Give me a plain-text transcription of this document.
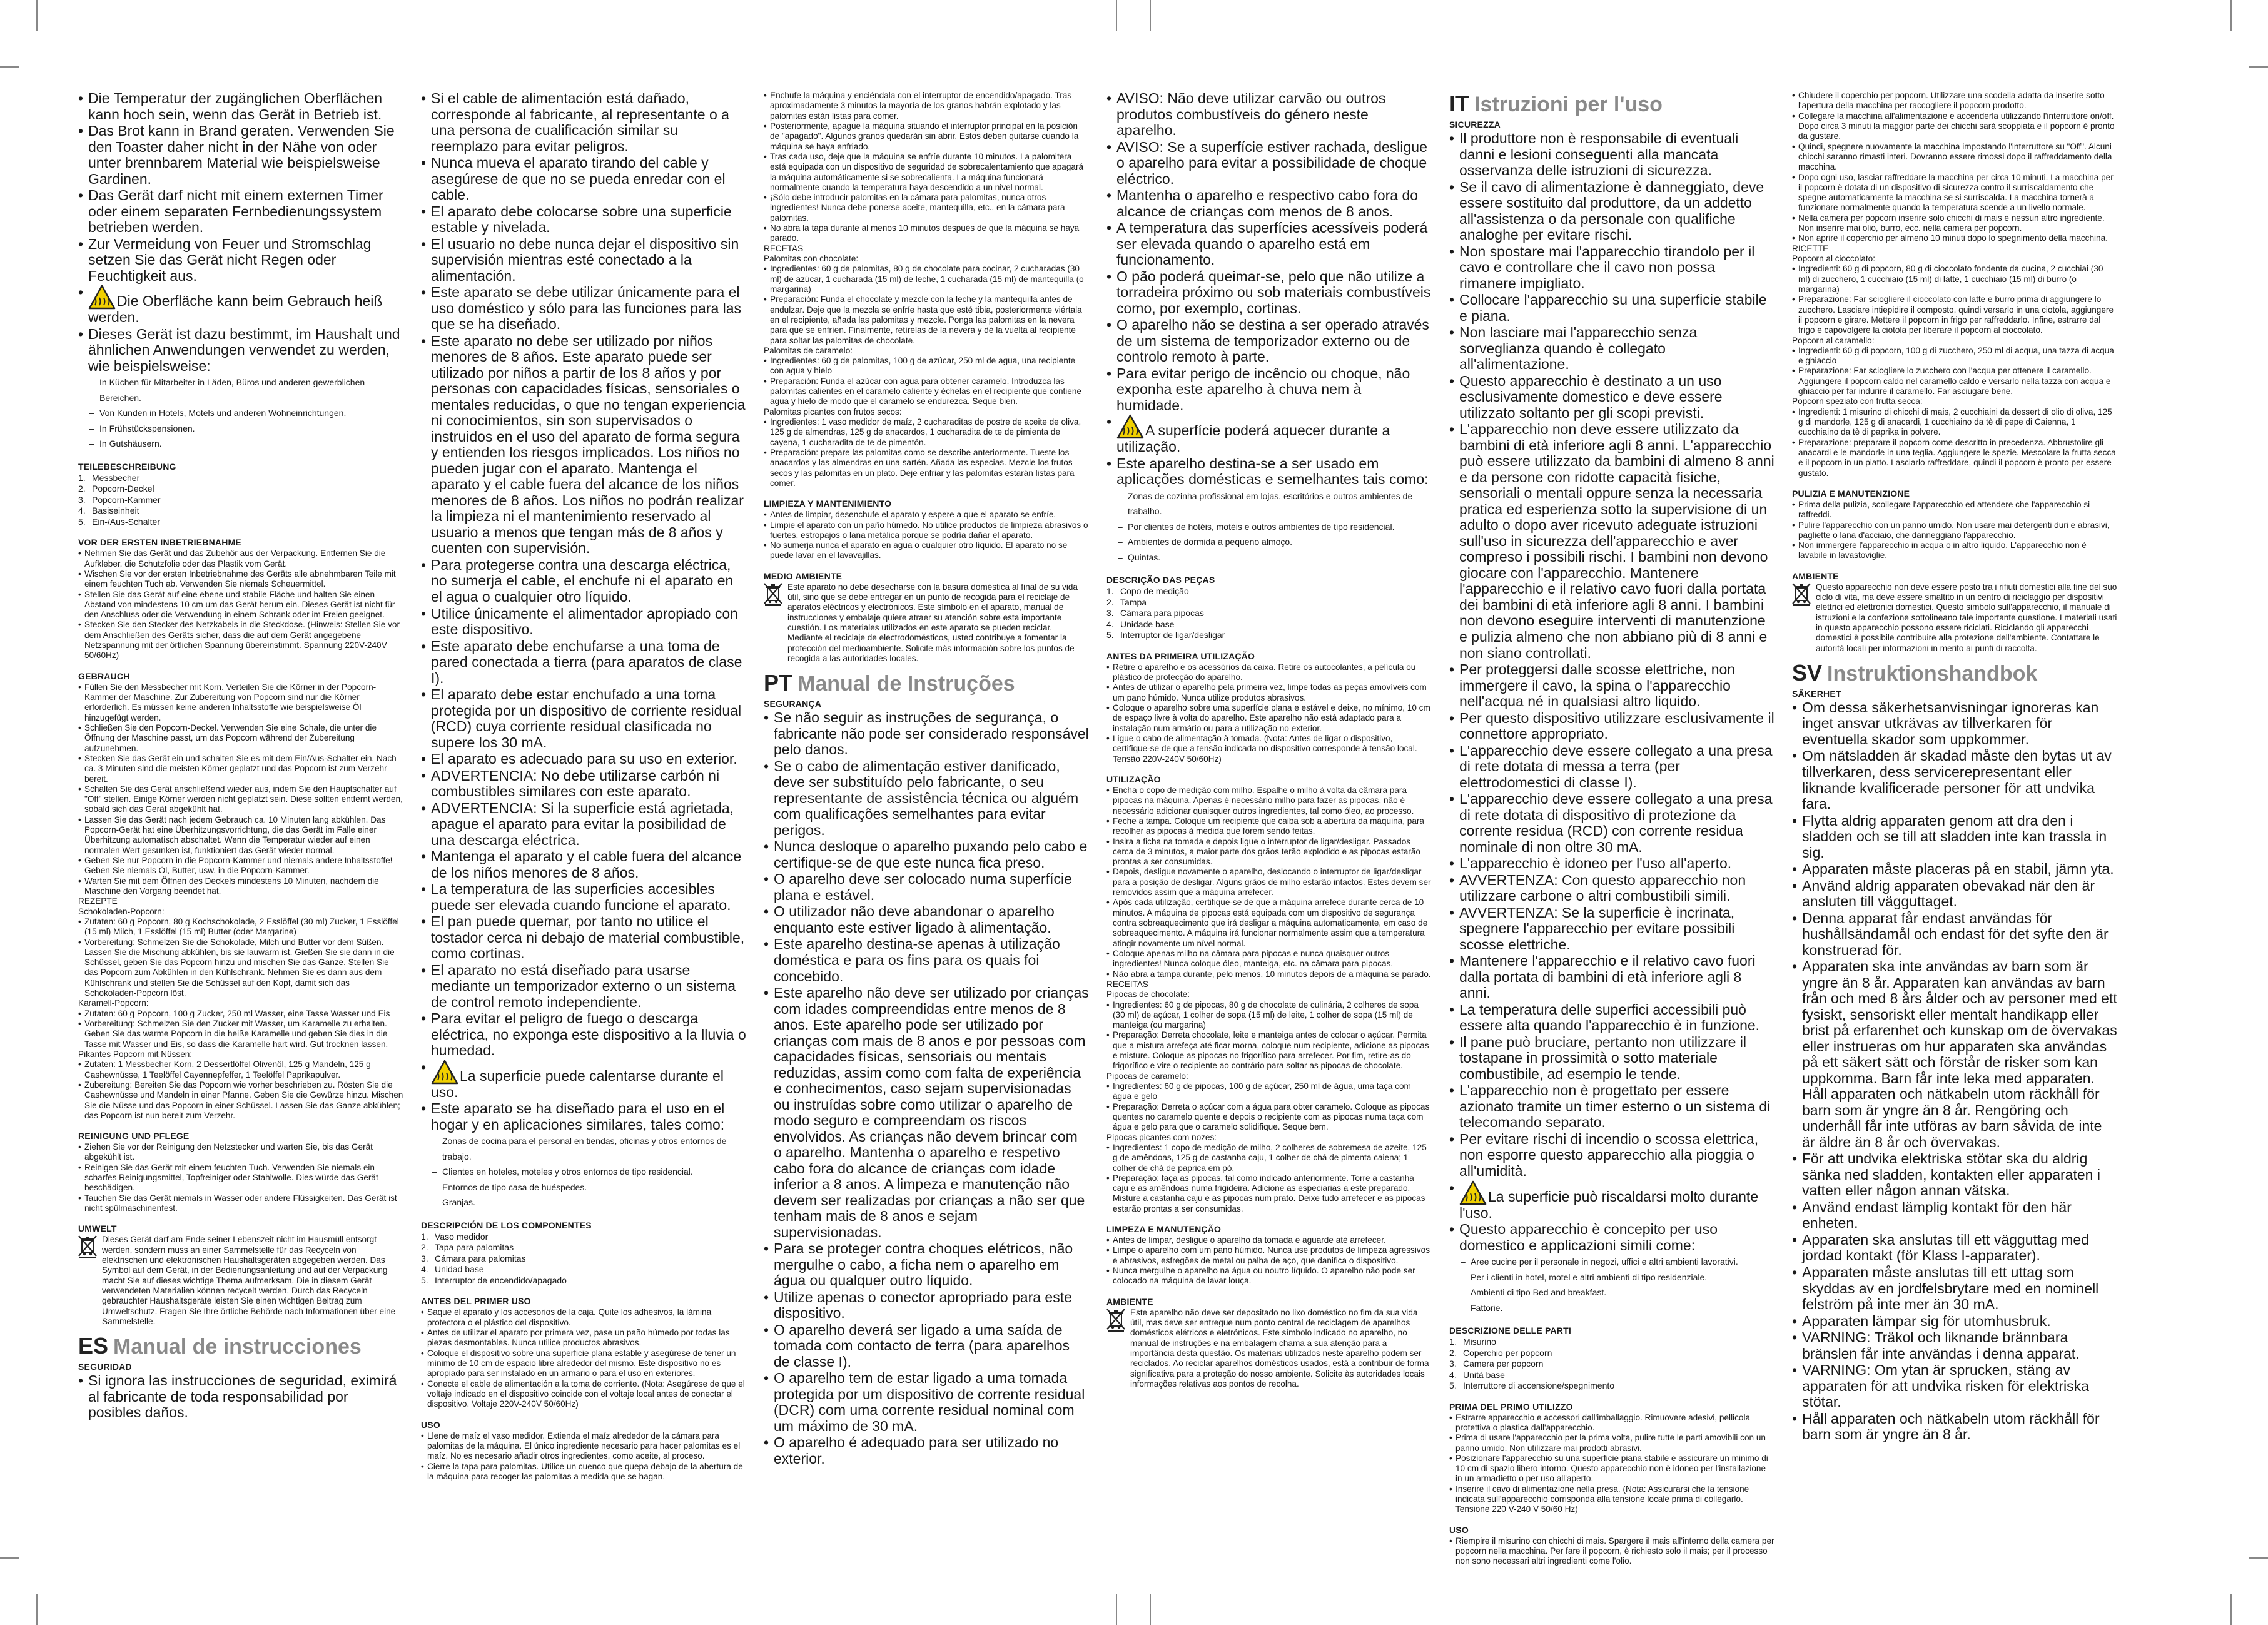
• Die Temperatur der zugänglichen Oberflächen kann hoch sein, wenn das Gerät in Betrieb ist.
• Das Brot kann in Brand geraten. Verwenden Sie den Toaster daher nicht in der Nähe von oder unter brennbarem Material wie beispielsweise Gardinen.
• Das Gerät darf nicht mit einem externen Timer oder einem separaten Fernbedienungssystem betrieben werden.
• Zur Vermeidung von Feuer und Stromschlag setzen Sie das Gerät nicht Regen oder Feuchtigkeit aus.
• Die Oberfläche kann beim Gebrauch heiß werden.
• Dieses Gerät ist dazu bestimmt, im Haushalt und ähnlichen Anwendungen verwendet zu werden, wie beispielsweise:
– In Küchen für Mitarbeiter in Läden, Büros und anderen gewerblichen Bereichen.
– Von Kunden in Hotels, Motels und anderen Wohneinrichtungen.
– In Frühstückspensionen.
– In Gutshäusern.
TEILEBESCHREIBUNG
1. Messbecher
2. Popcorn-Deckel
3. Popcorn-Kammer
4. Basiseinheit
5. Ein-/Aus-Schalter
VOR DER ERSTEN INBETRIEBNAHME
• Nehmen Sie das Gerät und das Zubehör aus der Verpackung. Entfernen Sie die Aufkleber, die Schutzfolie oder das Plastik vom Gerät.
• Wischen Sie vor der ersten Inbetriebnahme des Geräts alle abnehmbaren Teile mit einem feuchten Tuch ab. Verwenden Sie niemals Scheuermittel.
• Stellen Sie das Gerät auf eine ebene und stabile Fläche und halten Sie einen Abstand von mindestens 10 cm um das Gerät herum ein. Dieses Gerät ist nicht für den Anschluss oder die Verwendung in einem Schrank oder im Freien geeignet.
• Stecken Sie den Stecker des Netzkabels in die Steckdose. (Hinweis: Stellen Sie vor dem Anschließen des Geräts sicher, dass die auf dem Gerät angegebene Netzspannung mit der örtlichen Spannung übereinstimmt. Spannung 220V-240V 50/60Hz)
GEBRAUCH
• Füllen Sie den Messbecher mit Korn. Verteilen Sie die Körner in der Popcorn-Kammer der Maschine. Zur Zubereitung von Popcorn sind nur die Körner erforderlich. Es müssen keine anderen Inhaltsstoffe wie beispielsweise Öl hinzugefügt werden.
• Schließen Sie den Popcorn-Deckel. Verwenden Sie eine Schale, die unter die Öffnung der Maschine passt, um das Popcorn während der Zubereitung aufzunehmen.
• Stecken Sie das Gerät ein und schalten Sie es mit dem Ein/Aus-Schalter ein. Nach ca. 3 Minuten sind die meisten Körner geplatzt und das Popcorn ist zum Verzehr bereit.
• Schalten Sie das Gerät anschließend wieder aus, indem Sie den Hauptschalter auf "Off" stellen. Einige Körner werden nicht geplatzt sein. Diese sollten entfernt werden, sobald sich das Gerät abgekühlt hat.
• Lassen Sie das Gerät nach jedem Gebrauch ca. 10 Minuten lang abkühlen. Das Popcorn-Gerät hat eine Überhitzungsvorrichtung, die das Gerät im Falle einer Überhitzung automatisch abschaltet. Wenn die Temperatur wieder auf einen normalen Wert gesunken ist, funktioniert das Gerät wieder normal.
• Geben Sie nur Popcorn in die Popcorn-Kammer und niemals andere Inhaltsstoffe! Geben Sie niemals Öl, Butter, usw. in die Popcorn-Kammer.
• Warten Sie mit dem Öffnen des Deckels mindestens 10 Minuten, nachdem die Maschine den Vorgang beendet hat.
REZEPTE
Schokoladen-Popcorn:
• Zutaten: 60 g Popcorn, 80 g Kochschokolade, 2 Esslöffel (30 ml) Zucker, 1 Esslöffel (15 ml) Milch, 1 Esslöffel (15 ml) Butter (oder Margarine)
• Vorbereitung: Schmelzen Sie die Schokolade, Milch und Butter vor dem Süßen. Lassen Sie die Mischung abkühlen, bis sie lauwarm ist. Gießen Sie sie dann in die Schüssel, geben Sie das Popcorn hinzu und mischen Sie das Ganze. Stellen Sie das Popcorn zum Abkühlen in den Kühlschrank. Nehmen Sie es dann aus dem Kühlschrank und stellen Sie die Schüssel auf den Kopf, damit sich das Schokoladen-Popcorn löst.
Karamell-Popcorn:
• Zutaten: 60 g Popcorn, 100 g Zucker, 250 ml Wasser, eine Tasse Wasser und Eis
• Vorbereitung: Schmelzen Sie den Zucker mit Wasser, um Karamelle zu erhalten. Geben Sie das warme Popcorn in die heiße Karamelle und geben Sie dies in die Tasse mit Wasser und Eis, so dass die Karamelle hart wird. Gut trocknen lassen.
Pikantes Popcorn mit Nüssen:
• Zutaten: 1 Messbecher Korn, 2 Dessertlöffel Olivenöl, 125 g Mandeln, 125 g Cashewnüsse, 1 Teelöffel Cayennepfeffer, 1 Teelöffel Paprikapulver.
• Zubereitung: Bereiten Sie das Popcorn wie vorher beschrieben zu. Rösten Sie die Cashewnüsse und Mandeln in einer Pfanne. Geben Sie die Gewürze hinzu. Mischen Sie die Nüsse und das Popcorn in einer Schüssel. Lassen Sie das Ganze abkühlen; das Popcorn ist nun bereit zum Verzehr.
REINIGUNG UND PFLEGE
• Ziehen Sie vor der Reinigung den Netzstecker und warten Sie, bis das Gerät abgekühlt ist.
• Reinigen Sie das Gerät mit einem feuchten Tuch. Verwenden Sie niemals ein scharfes Reinigungsmittel, Topfreiniger oder Stahlwolle. Dies würde das Gerät beschädigen.
• Tauchen Sie das Gerät niemals in Wasser oder andere Flüssigkeiten. Das Gerät ist nicht spülmaschinenfest.
UMWELT

Dieses Gerät darf am Ende seiner Lebenszeit nicht im Hausmüll entsorgt werden, sondern muss an einer Sammelstelle für das Recyceln von elektrischen und elektronischen Haushaltsgeräten abgegeben werden. Das Symbol auf dem Gerät, in der Bedienungsanleitung und auf der Verpackung macht Sie auf dieses wichtige Thema aufmerksam. Die in diesem Gerät verwendeten Materialien können recycelt werden. Durch das Recyceln gebrauchter Haushaltsgeräte leisten Sie einen wichtigen Beitrag zum Umweltschutz. Fragen Sie Ihre örtliche Behörde nach Informationen über eine Sammelstelle.

ES Manual de instrucciones
SEGURIDAD
• Si ignora las instrucciones de seguridad, eximirá al fabricante de toda responsabilidad por posibles daños.
• Si el cable de alimentación está dañado, corresponde al fabricante, al representante o a una persona de cualificación similar su reemplazo para evitar peligros.
• Nunca mueva el aparato tirando del cable y asegúrese de que no se pueda enredar con el cable.
• El aparato debe colocarse sobre una superficie estable y nivelada.
• El usuario no debe nunca dejar el dispositivo sin supervisión mientras esté conectado a la alimentación.
• Este aparato se debe utilizar únicamente para el uso doméstico y sólo para las funciones para las que se ha diseñado.
• Este aparato no debe ser utilizado por niños menores de 8 años. Este aparato puede ser utilizado por niños a partir de los 8 años y por personas con capacidades físicas, sensoriales o mentales reducidas, o que no tengan experiencia ni conocimientos, sin son supervisados o instruidos en el uso del aparato de forma segura y entienden los riesgos implicados. Los niños no pueden jugar con el aparato. Mantenga el aparato y el cable fuera del alcance de los niños menores de 8 años. Los niños no podrán realizar la limpieza ni el mantenimiento reservado al usuario a menos que tengan más de 8 años y cuenten con supervisión.
• Para protegerse contra una descarga eléctrica, no sumerja el cable, el enchufe ni el aparato en el agua o cualquier otro líquido.
• Utilice únicamente el alimentador apropiado con este dispositivo.
• Este aparato debe enchufarse a una toma de pared conectada a tierra (para aparatos de clase I).
• El aparato debe estar enchufado a una toma protegida por un dispositivo de corriente residual (RCD) cuya corriente residual clasificada no supere los 30 mA.
• El aparato es adecuado para su uso en exterior.
• ADVERTENCIA: No debe utilizarse carbón ni combustibles similares con este aparato.
• ADVERTENCIA: Si la superficie está agrietada, apague el aparato para evitar la posibilidad de una descarga eléctrica.
• Mantenga el aparato y el cable fuera del alcance de los niños menores de 8 años.
• La temperatura de las superficies accesibles puede ser elevada cuando funcione el aparato.
• El pan puede quemar, por tanto no utilice el tostador cerca ni debajo de material combustible, como cortinas.
• El aparato no está diseñado para usarse mediante un temporizador externo o un sistema de control remoto independiente.
• Para evitar el peligro de fuego o descarga eléctrica, no exponga este dispositivo a la lluvia o humedad.
• La superficie puede calentarse durante el uso.
• Este aparato se ha diseñado para el uso en el hogar y en aplicaciones similares, tales como:
– Zonas de cocina para el personal en tiendas, oficinas y otros entornos de trabajo.
– Clientes en hoteles, moteles y otros entornos de tipo residencial.
– Entornos de tipo casa de huéspedes.
– Granjas.
DESCRIPCIÓN DE LOS COMPONENTES
1. Vaso medidor
2. Tapa para palomitas
3. Cámara para palomitas
4. Unidad base
5. Interruptor de encendido/apagado
ANTES DEL PRIMER USO
• Saque el aparato y los accesorios de la caja. Quite los adhesivos, la lámina protectora o el plástico del dispositivo.
• Antes de utilizar el aparato por primera vez, pase un paño húmedo por todas las piezas desmontables. Nunca utilice productos abrasivos.
• Coloque el dispositivo sobre una superficie plana estable y asegúrese de tener un mínimo de 10 cm de espacio libre alrededor del mismo. Este dispositivo no es apropiado para ser instalado en un armario o para el uso en exteriores.
• Conecte el cable de alimentación a la toma de corriente. (Nota: Asegúrese de que el voltaje indicado en el dispositivo coincide con el voltaje local antes de conectar el dispositivo. Voltaje 220V-240V 50/60Hz)
USO
• Llene de maíz el vaso medidor. Extienda el maíz alrededor de la cámara para palomitas de la máquina. El único ingrediente necesario para hacer palomitas es el maíz. No es necesario añadir otros ingredientes, como aceite, al proceso.
• Cierre la tapa para palomitas. Utilice un cuenco que quepa debajo de la abertura de la máquina para recoger las palomitas a medida que se hagan.
• Enchufe la máquina y enciéndala con el interruptor de encendido/apagado. Tras aproximadamente 3 minutos la mayoría de los granos habrán explotado y las palomitas están listas para comer.
• Posteriormente, apague la máquina situando el interruptor principal en la posición de "apagado". Algunos granos quedarán sin abrir. Estos deben quitarse cuando la máquina se haya enfriado.
• Tras cada uso, deje que la máquina se enfríe durante 10 minutos. La palomitera está equipada con un dispositivo de seguridad de sobrecalentamiento que apagará la máquina automáticamente si se sobrecalienta. La máquina funcionará normalmente cuando la temperatura haya descendido a un nivel normal.
• ¡Sólo debe introducir palomitas en la cámara para palomitas, nunca otros ingredientes! Nunca debe ponerse aceite, mantequilla, etc.. en la cámara para palomitas.
• No abra la tapa durante al menos 10 minutos después de que la máquina se haya parado.
RECETAS
Palomitas con chocolate:
• Ingredientes: 60 g de palomitas, 80 g de chocolate para cocinar, 2 cucharadas (30 ml) de azúcar, 1 cucharada (15 ml) de leche, 1 cucharada (15 ml) de mantequilla (o margarina)
• Preparación: Funda el chocolate y mezcle con la leche y la mantequilla antes de endulzar. Deje que la mezcla se enfríe hasta que esté tibia, posteriormente viértala en el recipiente, añada las palomitas y mezcle. Ponga las palomitas en la nevera para que se enfríen. Finalmente, retírelas de la nevera y dé la vuelta al recipiente para soltar las palomitas de chocolate.
Palomitas de caramelo:
• Ingredientes: 60 g de palomitas, 100 g de azúcar, 250 ml de agua, una recipiente con agua y hielo
• Preparación: Funda el azúcar con agua para obtener caramelo. Introduzca las palomitas calientes en el caramelo caliente y échelas en el recipiente que contiene agua y hielo de modo que el caramelo se endurezca. Seque bien.
Palomitas picantes con frutos secos:
• Ingredientes: 1 vaso medidor de maíz, 2 cucharaditas de postre de aceite de oliva, 125 g de almendras, 125 g de anacardos, 1 cucharadita de te de pimienta de cayena, 1 cucharadita de te de pimentón.
• Preparación: prepare las palomitas como se describe anteriormente. Tueste los anacardos y las almendras en una sartén. Añada las especias. Mezcle los frutos secos y las palomitas en un plato. Deje enfriar y las palomitas estarán listas para comer.
LIMPIEZA Y MANTENIMIENTO
• Antes de limpiar, desenchufe el aparato y espere a que el aparato se enfríe.
• Limpie el aparato con un paño húmedo. No utilice productos de limpieza abrasivos o fuertes, estropajos o lana metálica porque se podría dañar el aparato.
• No sumerja nunca el aparato en agua o cualquier otro líquido. El aparato no se puede lavar en el lavavajillas.
MEDIO AMBIENTE

Este aparato no debe desecharse con la basura doméstica al final de su vida útil, sino que se debe entregar en un punto de recogida para el reciclaje de aparatos eléctricos y electrónicos. Este símbolo en el aparato, manual de instrucciones y embalaje quiere atraer su atención sobre esta importante cuestión. Los materiales utilizados en este aparato se pueden reciclar. Mediante el reciclaje de electrodomésticos, usted contribuye a fomentar la protección del medioambiente. Solicite más información sobre los puntos de recogida a las autoridades locales.

PT Manual de Instruções
SEGURANÇA
• Se não seguir as instruções de segurança, o fabricante não pode ser considerado responsável pelo danos.
• Se o cabo de alimentação estiver danificado, deve ser substituído pelo fabricante, o seu representante de assistência técnica ou alguém com qualificações semelhantes para evitar perigos.
• Nunca desloque o aparelho puxando pelo cabo e certifique-se de que este nunca fica preso.
• O aparelho deve ser colocado numa superfície plana e estável.
• O utilizador não deve abandonar o aparelho enquanto este estiver ligado à alimentação.
• Este aparelho destina-se apenas à utilização doméstica e para os fins para os quais foi concebido.
• Este aparelho não deve ser utilizado por crianças com idades compreendidas entre menos de 8 anos. Este aparelho pode ser utilizado por crianças com mais de 8 anos e por pessoas com capacidades físicas, sensoriais ou mentais reduzidas, assim como com falta de experiência e conhecimentos, caso sejam supervisionadas ou instruídas sobre como utilizar o aparelho de modo seguro e compreendam os riscos envolvidos. As crianças não devem brincar com o aparelho. Mantenha o aparelho e respetivo cabo fora do alcance de crianças com idade inferior a 8 anos. A limpeza e manutenção não devem ser realizadas por crianças a não ser que tenham mais de 8 anos e sejam supervisionadas.
• Para se proteger contra choques elétricos, não mergulhe o cabo, a ficha nem o aparelho em água ou qualquer outro líquido.
• Utilize apenas o conector apropriado para este dispositivo.
• O aparelho deverá ser ligado a uma saída de tomada com contacto de terra (para aparelhos de classe I).
• O aparelho tem de estar ligado a uma tomada protegida por um dispositivo de corrente residual (DCR) com uma corrente residual nominal com um máximo de 30 mA.
• O aparelho é adequado para ser utilizado no exterior.
• AVISO: Não deve utilizar carvão ou outros produtos combustíveis do género neste aparelho.
• AVISO: Se a superfície estiver rachada, desligue o aparelho para evitar a possibilidade de choque eléctrico.
• Mantenha o aparelho e respectivo cabo fora do alcance de crianças com menos de 8 anos.
• A temperatura das superfícies acessíveis poderá ser elevada quando o aparelho está em funcionamento.
• O pão poderá queimar-se, pelo que não utilize a torradeira próximo ou sob materiais combustíveis como, por exemplo, cortinas.
• O aparelho não se destina a ser operado através de um sistema de temporizador externo ou de controlo remoto à parte.
• Para evitar perigo de incêncio ou choque, não exponha este aparelho à chuva nem à humidade.
• A superfície poderá aquecer durante a utilização.
• Este aparelho destina-se a ser usado em aplicações domésticas e semelhantes tais como:
– Zonas de cozinha profissional em lojas, escritórios e outros ambientes de trabalho.
– Por clientes de hotéis, motéis e outros ambientes de tipo residencial.
– Ambientes de dormida a pequeno almoço.
– Quintas.
DESCRIÇÃO DAS PEÇAS
1. Copo de medição
2. Tampa
3. Câmara para pipocas
4. Unidade base
5. Interruptor de ligar/desligar
ANTES DA PRIMEIRA UTILIZAÇÃO
• Retire o aparelho e os acessórios da caixa. Retire os autocolantes, a película ou plástico de protecção do aparelho.
• Antes de utilizar o aparelho pela primeira vez, limpe todas as peças amovíveis com um pano húmido. Nunca utilize produtos abrasivos.
• Coloque o aparelho sobre uma superfície plana e estável e deixe, no mínimo, 10 cm de espaço livre à volta do aparelho. Este aparelho não está adaptado para a instalação num armário ou para a utilização no exterior.
• Ligue o cabo de alimentação à tomada. (Nota: Antes de ligar o dispositivo, certifique-se de que a tensão indicada no dispositivo corresponde à tensão local. Tensão 220V-240V 50/60Hz)
UTILIZAÇÃO
• Encha o copo de medição com milho. Espalhe o milho à volta da câmara para pipocas na máquina. Apenas é necessário milho para fazer as pipocas, não é necessário adicionar quaisquer outros ingredientes, tal como óleo, ao processo.
• Feche a tampa. Coloque um recipiente que caiba sob a abertura da máquina, para recolher as pipocas à medida que forem sendo feitas.
• Insira a ficha na tomada e depois ligue o interruptor de ligar/desligar. Passados cerca de 3 minutos, a maior parte dos grãos terão explodido e as pipocas estarão prontas a ser consumidas.
• Depois, desligue novamente o aparelho, deslocando o interruptor de ligar/desligar para a posição de desligar. Alguns grãos de milho estarão intactos. Estes devem ser removidos assim que a máquina arrefecer.
• Após cada utilização, certifique-se de que a máquina arrefece durante cerca de 10 minutos. A máquina de pipocas está equipada com um dispositivo de segurança contra sobreaquecimento que irá desligar a máquina automaticamente, em caso de sobreaquecimento. A máquina irá funcionar normalmente assim que a temperatura atingir novamente um nível normal.
• Coloque apenas milho na câmara para pipocas e nunca quaisquer outros ingredientes! Nunca coloque óleo, manteiga, etc. na câmara para pipocas.
• Não abra a tampa durante, pelo menos, 10 minutos depois de a máquina se parado.
RECEITAS
Pipocas de chocolate:
• Ingredientes: 60 g de pipocas, 80 g de chocolate de culinária, 2 colheres de sopa (30 ml) de açúcar, 1 colher de sopa (15 ml) de leite, 1 colher de sopa (15 ml) de manteiga (ou margarina)
• Preparação: Derreta chocolate, leite e manteiga antes de colocar o açúcar. Permita que a mistura arrefeça até ficar morna, coloque num recipiente, adicione as pipocas e misture. Coloque as pipocas no frigorífico para arrefecer. Por fim, retire-as do frigorífico e vire o recipiente ao contrário para soltar as pipocas de chocolate.
Pipocas de caramelo:
• Ingredientes: 60 g de pipocas, 100 g de açúcar, 250 ml de água, uma taça com água e gelo
• Preparação: Derreta o açúcar com a água para obter caramelo. Coloque as pipocas quentes no caramelo quente e depois o recipiente com as pipocas numa taça com água e gelo para que o caramelo solidifique. Seque bem.
Pipocas picantes com nozes:
• Ingredientes: 1 copo de medição de milho, 2 colheres de sobremesa de azeite, 125 g de amêndoas, 125 g de castanha caju, 1 colher de chá de pimenta caiena; 1 colher de chá de paprica em pó.
• Preparação: faça as pipocas, tal como indicado anteriormente. Torre a castanha caju e as amêndoas numa frigideira. Adicione as especiarias a este preparado. Misture a castanha caju e as pipocas num prato. Deixe tudo arrefecer e as pipocas estarão prontas a ser consumidas.
LIMPEZA E MANUTENÇÃO
• Antes de limpar, desligue o aparelho da tomada e aguarde até arrefecer.
• Limpe o aparelho com um pano húmido. Nunca use produtos de limpeza agressivos e abrasivos, esfregões de metal ou palha de aço, que danifica o dispositivo.
• Nunca mergulhe o aparelho na água ou noutro líquido. O aparelho não pode ser colocado na máquina de lavar louça.
AMBIENTE

Este aparelho não deve ser depositado no lixo doméstico no fim da sua vida útil, mas deve ser entregue num ponto central de reciclagem de aparelhos domésticos elétricos e eletrónicos. Este símbolo indicado no aparelho, no manual de instruções e na embalagem chama a sua atenção para a importância desta questão. Os materiais utilizados neste aparelho podem ser reciclados. Ao reciclar aparelhos domésticos usados, está a contribuir de forma significativa para a proteção do nosso ambiente. Solicite às autoridades locais informações relativas aos pontos de recolha.

IT Istruzioni per l'uso
SICUREZZA
• Il produttore non è responsabile di eventuali danni e lesioni conseguenti alla mancata osservanza delle istruzioni di sicurezza.
• Se il cavo di alimentazione è danneggiato, deve essere sostituito dal produttore, da un addetto all'assistenza o da personale con qualifiche analoghe per evitare rischi.
• Non spostare mai l'apparecchio tirandolo per il cavo e controllare che il cavo non possa rimanere impigliato.
• Collocare l'apparecchio su una superficie stabile e piana.
• Non lasciare mai l'apparecchio senza sorveglianza quando è collegato all'alimentazione.
• Questo apparecchio è destinato a un uso esclusivamente domestico e deve essere utilizzato soltanto per gli scopi previsti.
• L'apparecchio non deve essere utilizzato da bambini di età inferiore agli 8 anni. L'apparecchio può essere utilizzato da bambini di almeno 8 anni e da persone con ridotte capacità fisiche, sensoriali o mentali oppure senza la necessaria pratica ed esperienza sotto la supervisione di un adulto o dopo aver ricevuto adeguate istruzioni sull'uso in sicurezza dell'apparecchio e aver compreso i possibili rischi. I bambini non devono giocare con l'apparecchio. Mantenere l'apparecchio e il relativo cavo fuori dalla portata dei bambini di età inferiore agli 8 anni. I bambini non devono eseguire interventi di manutenzione e pulizia almeno che non abbiano più di 8 anni e non siano controllati.
• Per proteggersi dalle scosse elettriche, non immergere il cavo, la spina o l'apparecchio nell'acqua né in qualsiasi altro liquido.
• Per questo dispositivo utilizzare esclusivamente il connettore appropriato.
• L'apparecchio deve essere collegato a una presa di rete dotata di messa a terra (per elettrodomestici di classe I).
• L'apparecchio deve essere collegato a una presa di rete dotata di dispositivo di protezione da corrente residua (RCD) con corrente residua nominale di non oltre 30 mA.
• L'apparecchio è idoneo per l'uso all'aperto.
• AVVERTENZA: Con questo apparecchio non utilizzare carbone o altri combustibili simili.
• AVVERTENZA: Se la superficie è incrinata, spegnere l'apparecchio per evitare possibili scosse elettriche.
• Mantenere l'apparecchio e il relativo cavo fuori dalla portata di bambini di età inferiore agli 8 anni.
• La temperatura delle superfici accessibili può essere alta quando l'apparecchio è in funzione.
• Il pane può bruciare, pertanto non utilizzare il tostapane in prossimità o sotto materiale combustibile, ad esempio le tende.
• L'apparecchio non è progettato per essere azionato tramite un timer esterno o un sistema di telecomando separato.
• Per evitare rischi di incendio o scossa elettrica, non esporre questo apparecchio alla pioggia o all'umidità.
• La superficie può riscaldarsi molto durante l'uso.
• Questo apparecchio è concepito per uso domestico e applicazioni simili come:
– Aree cucine per il personale in negozi, uffici e altri ambienti lavorativi.
– Per i clienti in hotel, motel e altri ambienti di tipo residenziale.
– Ambienti di tipo Bed and breakfast.
– Fattorie.
DESCRIZIONE DELLE PARTI
1. Misurino
2. Coperchio per popcorn
3. Camera per popcorn
4. Unità base
5. Interruttore di accensione/spegnimento
PRIMA DEL PRIMO UTILIZZO
• Estrarre apparecchio e accessori dall'imballaggio. Rimuovere adesivi, pellicola protettiva o plastica dall'apparecchio.
• Prima di usare l'apparecchio per la prima volta, pulire tutte le parti amovibili con un panno umido. Non utilizzare mai prodotti abrasivi.
• Posizionare l'apparecchio su una superficie piana stabile e assicurare un minimo di 10 cm di spazio libero intorno. Questo apparecchio non è idoneo per l'installazione in un armadietto o per uso all'aperto.
• Inserire il cavo di alimentazione nella presa. (Nota: Assicurarsi che la tensione indicata sull'apparecchio corrisponda alla tensione locale prima di collegarlo. Tensione 220 V-240 V 50/60 Hz)
USO
• Riempire il misurino con chicchi di mais. Spargere il mais all'interno della camera per popcorn nella macchina. Per fare il popcorn, è richiesto solo il mais; per il processo non sono necessari altri ingredienti come l'olio.
• Chiudere il coperchio per popcorn. Utilizzare una scodella adatta da inserire sotto l'apertura della macchina per raccogliere il popcorn prodotto.
• Collegare la macchina all'alimentazione e accenderla utilizzando l'interruttore on/off. Dopo circa 3 minuti la maggior parte dei chicchi sarà scoppiata e il popcorn è pronto da gustare.
• Quindi, spegnere nuovamente la macchina impostando l'interruttore su "Off". Alcuni chicchi saranno rimasti interi. Dovranno essere rimossi dopo il raffreddamento della macchina.
• Dopo ogni uso, lasciar raffreddare la macchina per circa 10 minuti. La macchina per il popcorn è dotata di un dispositivo di sicurezza contro il surriscaldamento che spegne automaticamente la macchina se si surriscalda. La macchina tornerà a funzionare normalmente quando la temperatura scende a un livello normale.
• Nella camera per popcorn inserire solo chicchi di mais e nessun altro ingrediente. Non inserire mai olio, burro, ecc. nella camera per popcorn.
• Non aprire il coperchio per almeno 10 minuti dopo lo spegnimento della macchina.
RICETTE
Popcorn al cioccolato:
• Ingredienti: 60 g di popcorn, 80 g di cioccolato fondente da cucina, 2 cucchiai (30 ml) di zucchero, 1 cucchiaio (15 ml) di latte, 1 cucchiaio (15 ml) di burro (o margarina)
• Preparazione: Far sciogliere il cioccolato con latte e burro prima di aggiungere lo zucchero. Lasciare intiepidire il composto, quindi versarlo in una ciotola, aggiungere il popcorn e girare. Mettere il popcorn in frigo per raffreddarlo. Infine, estrarre dal frigo e capovolgere la ciotola per liberare il popcorn al cioccolato.
Popcorn al caramello:
• Ingredienti: 60 g di popcorn, 100 g di zucchero, 250 ml di acqua, una tazza di acqua e ghiaccio
• Preparazione: Far sciogliere lo zucchero con l'acqua per ottenere il caramello. Aggiungere il popcorn caldo nel caramello caldo e versarlo nella tazza con acqua e ghiaccio per far indurire il caramello. Far asciugare bene.
Popcorn speziato con frutta secca:
• Ingredienti: 1 misurino di chicchi di mais, 2 cucchiaini da dessert di olio di oliva, 125 g di mandorle, 125 g di anacardi, 1 cucchiaino da tè di pepe di Caienna, 1 cucchiaino da tè di paprika in polvere.
• Preparazione: preparare il popcorn come descritto in precedenza. Abbrustolire gli anacardi e le mandorle in una teglia. Aggiungere le spezie. Mescolare la frutta secca e il popcorn in un piatto. Lasciarlo raffreddare, quindi il popcorn è pronto per essere gustato.
PULIZIA E MANUTENZIONE
• Prima della pulizia, scollegare l'apparecchio ed attendere che l'apparecchio si raffreddi.
• Pulire l'apparecchio con un panno umido. Non usare mai detergenti duri e abrasivi, pagliette o lana d'acciaio, che danneggiano l'apparecchio.
• Non immergere l'apparecchio in acqua o in altro liquido. L'apparecchio non è lavabile in lavastoviglie.
AMBIENTE

Questo apparecchio non deve essere posto tra i rifiuti domestici alla fine del suo ciclo di vita, ma deve essere smaltito in un centro di riciclaggio per dispositivi elettrici ed elettronici domestici. Questo simbolo sull'apparecchio, il manuale di istruzioni e la confezione sottolineano tale importante questione. I materiali usati in questo apparecchio possono essere riciclati. Riciclando gli apparecchi domestici è possibile contribuire alla protezione dell'ambiente. Contattare le autorità locali per informazioni in merito ai punti di raccolta.

SV Instruktionshandbok
SÄKERHET
• Om dessa säkerhetsanvisningar ignoreras kan inget ansvar utkrävas av tillverkaren för eventuella skador som uppkommer.
• Om nätsladden är skadad måste den bytas ut av tillverkaren, dess servicerepresentant eller liknande kvalificerade personer för att undvika fara.
• Flytta aldrig apparaten genom att dra den i sladden och se till att sladden inte kan trassla in sig.
• Apparaten måste placeras på en stabil, jämn yta.
• Använd aldrig apparaten obevakad när den är ansluten till vägguttaget.
• Denna apparat får endast användas för hushållsändamål och endast för det syfte den är konstruerad för.
• Apparaten ska inte användas av barn som är yngre än 8 år. Apparaten kan användas av barn från och med 8 års ålder och av personer med ett fysiskt, sensoriskt eller mentalt handikapp eller brist på erfarenhet och kunskap om de övervakas eller instrueras om hur apparaten ska användas på ett säkert sätt och förstår de risker som kan uppkomma. Barn får inte leka med apparaten. Håll apparaten och nätkabeln utom räckhåll för barn som är yngre än 8 år. Rengöring och underhåll får inte utföras av barn såvida de inte är äldre än 8 år och övervakas.
• För att undvika elektriska stötar ska du aldrig sänka ned sladden, kontakten eller apparaten i vatten eller någon annan vätska.
• Använd endast lämplig kontakt för den här enheten.
• Apparaten ska anslutas till ett vägguttag med jordad kontakt (för Klass I-apparater).
• Apparaten måste anslutas till ett uttag som skyddas av en jordfelsbrytare med en nominell felström på inte mer än 30 mA.
• Apparaten lämpar sig för utomhusbruk.
• VARNING: Träkol och liknande brännbara bränslen får inte användas i denna apparat.
• VARNING: Om ytan är sprucken, stäng av apparaten för att undvika risken för elektriska stötar.
• Håll apparaten och nätkabeln utom räckhåll för barn som är yngre än 8 år.
